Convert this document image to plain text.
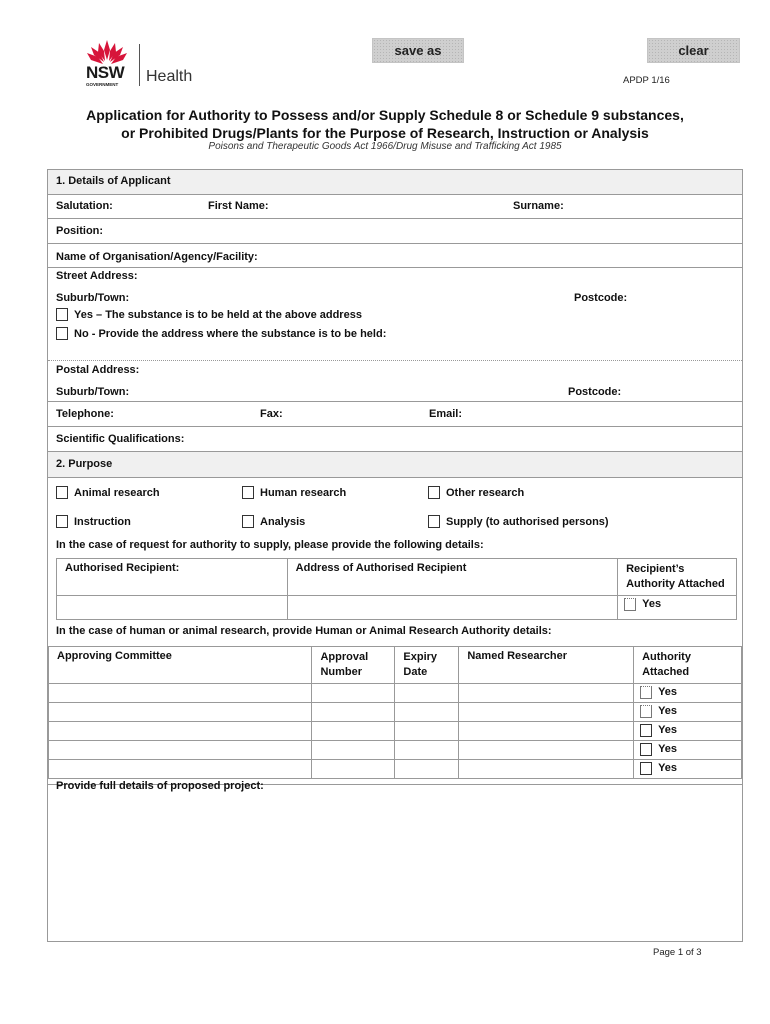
NSW
GOVERNMENT Health
save as	clear
APDP 1/16
Application for Authority to Possess and/or Supply Schedule 8 or Schedule 9 substances,
or Prohibited Drugs/Plants for the Purpose of Research, Instruction or Analysis
Poisons and Therapeutic Goods Act 1966/Drug Misuse and Trafficking Act 1985
1. Details of Applicant
Salutation:	First Name:	Surname:
Position:
Name of Organisation/Agency/Facility:
Street Address:
Suburb/Town:	Postcode:
Yes – The substance is to be held at the above address
No - Provide the address where the substance is to be held:
Postal Address:
Suburb/Town:	Postcode:
Telephone:	Fax:	Email:
Scientific Qualifications:
2. Purpose
Animal research	Human research	Other research
Instruction	Analysis	Supply (to authorised persons)
In the case of request for authority to supply, please provide the following details:
Authorised Recipient:	Address of Authorised Recipient	Recipient’s Authority Attached

		Yes
In the case of human or animal research, provide Human or Animal Research Authority details:
Approving Committee	Approval Number	Expiry Date	Named Researcher	Authority Attached

				Yes

				Yes

				Yes

				Yes

				Yes
Provide full details of proposed project:
Page 1 of 3
